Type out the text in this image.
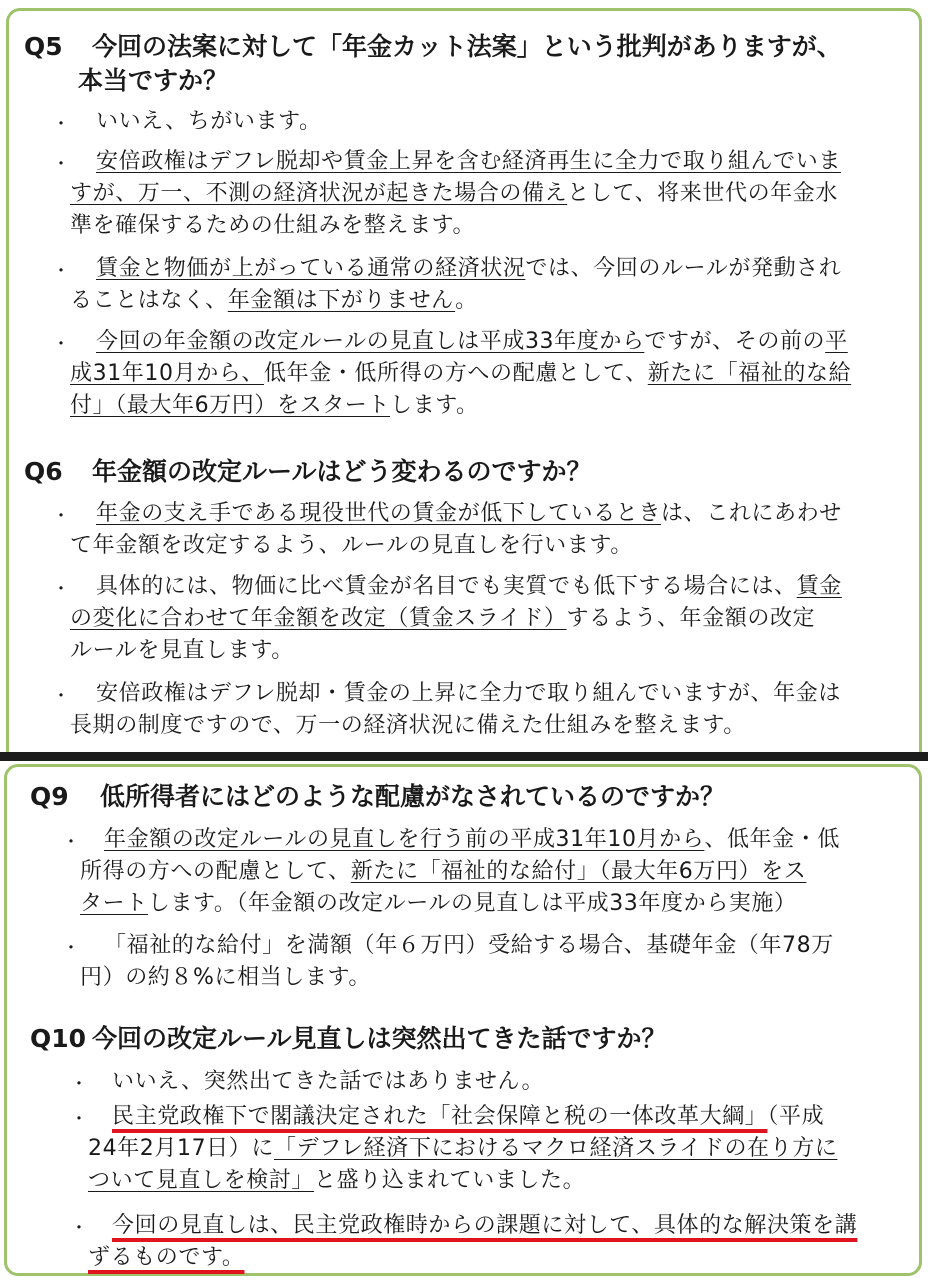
Q5 今回の法案に対して「年金カット法案」という批判がありますが、
本当ですか？
・ いいえ、ちがいます。
・ 安倍政権はデフレ脱却や賃金上昇を含む経済再生に全力で取り組んでいま
すが、万一、不測の経済状況が起きた場合の備えとして、将来世代の年金水
準を確保するための仕組みを整えます。
・ 賃金と物価が上がっている通常の経済状況では、今回のルールが発動され
ることはなく、年金額は下がりません。
・ 今回の年金額の改定ルールの見直しは平成33年度からですが、その前の平
成31年10月から、低年金・低所得の方への配慮として、新たに「福祉的な給
付」（最大年6万円）をスタートします。
Q6 年金額の改定ルールはどう変わるのですか？
・ 年金の支え手である現役世代の賃金が低下しているときは、これにあわせ
て年金額を改定するよう、ルールの見直しを行います。
・ 具体的には、物価に比べ賃金が名目でも実質でも低下する場合には、賃金
の変化に合わせて年金額を改定（賃金スライド）するよう、年金額の改定
ルールを見直します。
・ 安倍政権はデフレ脱却・賃金の上昇に全力で取り組んでいますが、年金は
長期の制度ですので、万一の経済状況に備えた仕組みを整えます。
Q9 低所得者にはどのような配慮がなされているのですか？
・ 年金額の改定ルールの見直しを行う前の平成31年10月から、低年金・低
所得の方への配慮として、新たに「福祉的な給付」（最大年6万円）をス
タートします。（年金額の改定ルールの見直しは平成33年度から実施）
・ 「福祉的な給付」を満額（年６万円）受給する場合、基礎年金（年78万
円）の約８%に相当します。
Q10 今回の改定ルール見直しは突然出てきた話ですか？
・ いいえ、突然出てきた話ではありません。
・ 民主党政権下で閣議決定された「社会保障と税の一体改革大綱」（平成
24年2月17日）に「デフレ経済下におけるマクロ経済スライドの在り方に
ついて見直しを検討」と盛り込まれていました。
・ 今回の見直しは、民主党政権時からの課題に対して、具体的な解決策を講
ずるものです。
